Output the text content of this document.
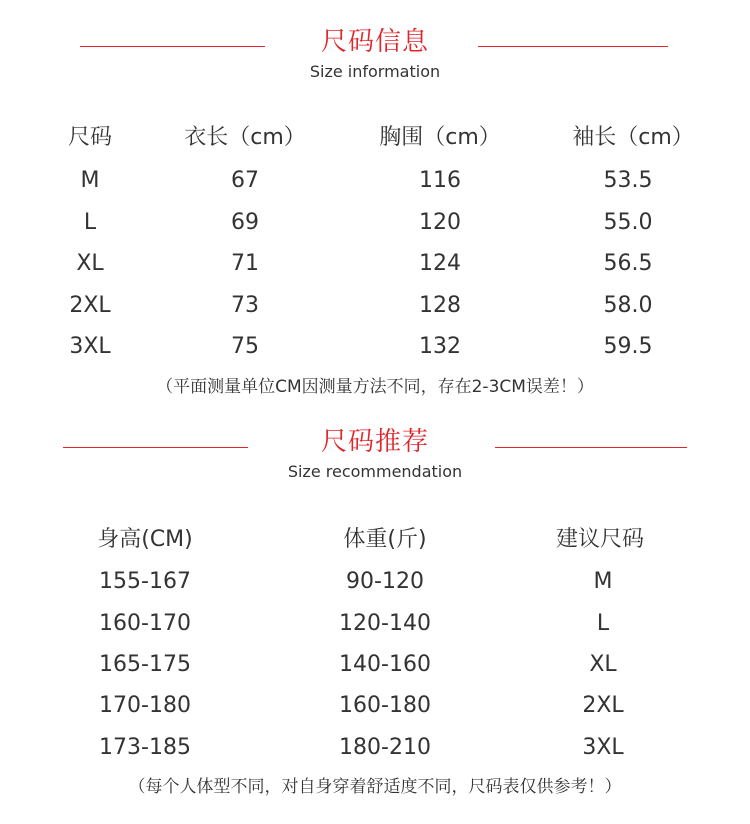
尺码信息
Size information
尺码	衣长（cm）	胸围（cm）	袖长（cm）
M	67	116	53.5
L	69	120	55.0
XL	71	124	56.5
2XL	73	128	58.0
3XL	75	132	59.5
（平面测量单位CM因测量方法不同，存在2-3CM误差！）
尺码推荐
Size recommendation
身高(CM)	体重(斤)	建议尺码
155-167	90-120	M
160-170	120-140	L
165-175	140-160	XL
170-180	160-180	2XL
173-185	180-210	3XL
（每个人体型不同，对自身穿着舒适度不同，尺码表仅供参考！）
